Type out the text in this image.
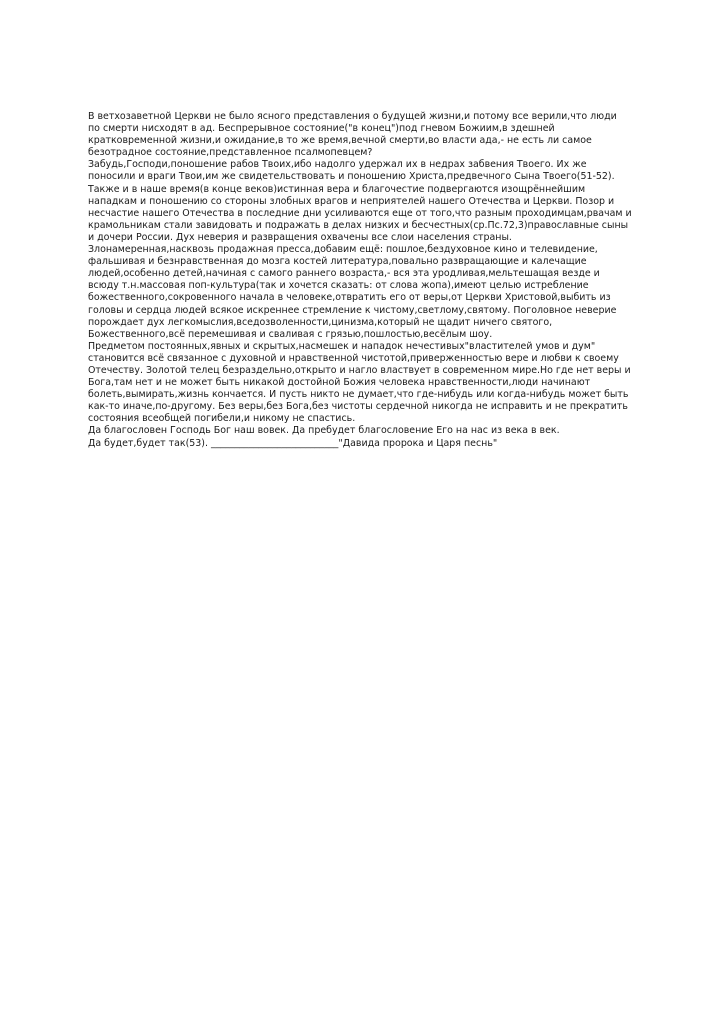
В ветхозаветной Церкви не было ясного представления о будущей жизни,и потому все верили,что люди
по смерти нисходят в ад. Беспрерывное состояние("в конец")под гневом Божиим,в здешней
кратковременной жизни,и ожидание,в то же время,вечной смерти,во власти ада,- не есть ли самое
безотрадное состояние,представленное псалмопевцем?
Забудь,Господи,поношение рабов Твоих,ибо надолго удержал их в недрах забвения Твоего. Их же
поносили и враги Твои,им же свидетельствовать и поношению Христа,предвечного Сына Твоего(51-52).
Также и в наше время(в конце веков)истинная вера и благочестие подвергаются изощрённейшим
нападкам и поношению со стороны злобных врагов и неприятелей нашего Отечества и Церкви. Позор и
несчастие нашего Отечества в последние дни усиливаются еще от того,что разным проходимцам,рвачам и
крамольникам стали завидовать и подражать в делах низких и бесчестных(ср.Пс.72,3)православные сыны
и дочери России. Дух неверия и развращения охвачены все слои населения страны.
Злонамеренная,насквозь продажная пресса,добавим ещё: пошлое,бездуховное кино и телевидение,
фальшивая и безнравственная до мозга костей литература,повально развращающие и калечащие
людей,особенно детей,начиная с самого раннего возраста,- вся эта уродливая,мельтешащая везде и
всюду т.н.массовая поп-культура(так и хочется сказать: от слова жопа),имеют целью истребление
божественного,сокровенного начала в человеке,отвратить его от веры,от Церкви Христовой,выбить из
головы и сердца людей всякое искреннее стремление к чистому,светлому,святому. Поголовное неверие
порождает дух легкомыслия,вседозволенности,цинизма,который не щадит ничего святого,
Божественного,всё перемешивая и сваливая с грязью,пошлостью,весёлым шоу.
Предметом постоянных,явных и скрытых,насмешек и нападок нечестивых"властителей умов и дум"
становится всё связанное с духовной и нравственной чистотой,приверженностью вере и любви к своему
Отечеству. Золотой телец безраздельно,открыто и нагло властвует в современном мире.Но где нет веры и
Бога,там нет и не может быть никакой достойной Божия человека нравственности,люди начинают
болеть,вымирать,жизнь кончается. И пусть никто не думает,что где-нибудь или когда-нибудь может быть
как-то иначе,по-другому. Без веры,без Бога,без чистоты сердечной никогда не исправить и не прекратить
состояния всеобщей погибели,и никому не спастись.
Да благословен Господь Бог наш вовек. Да пребудет благословение Его на нас из века в век.
Да будет,будет так(53). ___________________________"Давида пророка и Царя песнь"
